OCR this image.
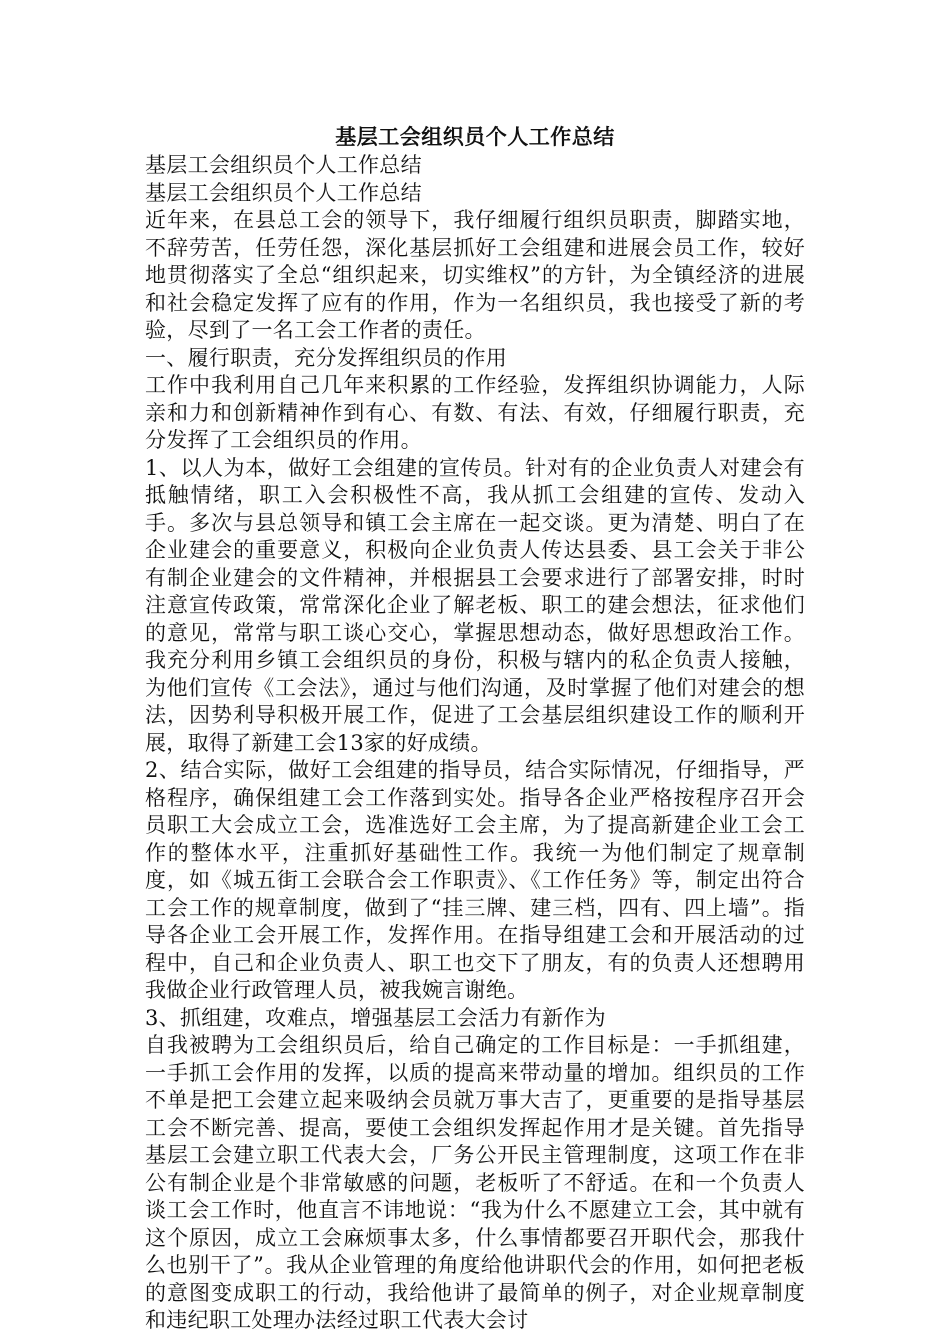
基层工会组织员个人工作总结

基层工会组织员个人工作总结

基层工会组织员个人工作总结

近年来，在县总工会的领导下，我仔细履行组织员职责，脚踏实地，不辞劳苦，任劳任怨，深化基层抓好工会组建和进展会员工作，较好地贯彻落实了全总“组织起来，切实维权”的方针，为全镇经济的进展和社会稳定发挥了应有的作用，作为一名组织员，我也接受了新的考验，尽到了一名工会工作者的责任。

一、履行职责，充分发挥组织员的作用

工作中我利用自己几年来积累的工作经验，发挥组织协调能力，人际亲和力和创新精神作到有心、有数、有法、有效，仔细履行职责，充分发挥了工会组织员的作用。

1、以人为本，做好工会组建的宣传员。针对有的企业负责人对建会有抵触情绪，职工入会积极性不高，我从抓工会组建的宣传、发动入手。多次与县总领导和镇工会主席在一起交谈。更为清楚、明白了在企业建会的重要意义，积极向企业负责人传达县委、县工会关于非公有制企业建会的文件精神，并根据县工会要求进行了部署安排，时时注意宣传政策，常常深化企业了解老板、职工的建会想法，征求他们的意见，常常与职工谈心交心，掌握思想动态，做好思想政治工作。我充分利用乡镇工会组织员的身份，积极与辖内的私企负责人接触，为他们宣传《工会法》，通过与他们沟通，及时掌握了他们对建会的想法，因势利导积极开展工作，促进了工会基层组织建设工作的顺利开展，取得了新建工会13家的好成绩。

2、结合实际，做好工会组建的指导员，结合实际情况，仔细指导，严格程序，确保组建工会工作落到实处。指导各企业严格按程序召开会员职工大会成立工会，选准选好工会主席，为了提高新建企业工会工作的整体水平，注重抓好基础性工作。我统一为他们制定了规章制度，如《城五街工会联合会工作职责》、《工作任务》等，制定出符合工会工作的规章制度，做到了“挂三牌、建三档，四有、四上墙”。指导各企业工会开展工作，发挥作用。在指导组建工会和开展活动的过程中，自己和企业负责人、职工也交下了朋友，有的负责人还想聘用我做企业行政管理人员，被我婉言谢绝。

3、抓组建，攻难点，增强基层工会活力有新作为

自我被聘为工会组织员后，给自己确定的工作目标是：一手抓组建，一手抓工会作用的发挥，以质的提高来带动量的增加。组织员的工作不单是把工会建立起来吸纳会员就万事大吉了，更重要的是指导基层工会不断完善、提高，要使工会组织发挥起作用才是关键。首先指导基层工会建立职工代表大会，厂务公开民主管理制度，这项工作在非公有制企业是个非常敏感的问题，老板听了不舒适。在和一个负责人谈工会工作时，他直言不讳地说：“我为什么不愿建立工会，其中就有这个原因，成立工会麻烦事太多，什么事情都要召开职代会，那我什么也别干了”。我从企业管理的角度给他讲职代会的作用，如何把老板的意图变成职工的行动，我给他讲了最简单的例子，对企业规章制度和违纪职工处理办法经过职工代表大会讨
